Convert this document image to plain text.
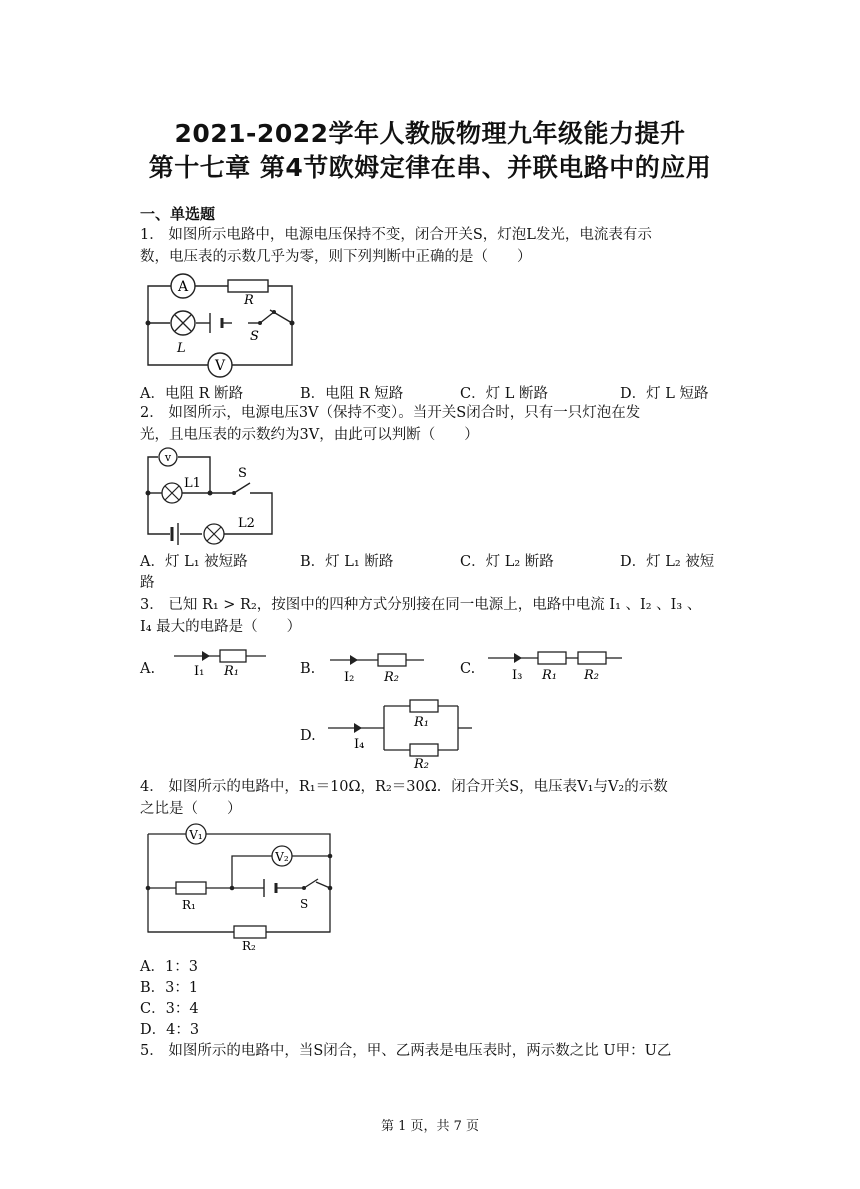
2021-2022学年人教版物理九年级能力提升
第十七章 第4节欧姆定律在串、并联电路中的应用
一、单选题
1． 如图所示电路中，电源电压保持不变，闭合开关S，灯泡L发光，电流表有示
数，电压表的示数几乎为零，则下列判断中正确的是（　　）
A
R
L
S
V
A．电阻 R 断路	B．电阻 R 短路	C．灯 L 断路	D．灯 L 短路
2． 如图所示，电源电压3V（保持不变）。当开关S闭合时，只有一只灯泡在发
光，且电压表的示数约为3V，由此可以判断（　　）
v
L1
S
L2
A．灯 L₁ 被短路	B．灯 L₁ 断路	C．灯 L₂ 断路	D．灯 L₂ 被短
路
3． 已知 R₁ > R₂，按图中的四种方式分别接在同一电源上，电路中电流 I₁ 、I₂ 、I₃ 、
I₄ 最大的电路是（　　）
A.	I₁ R₁	B.
I₂ R₂
C.	I₃ R₁ R₂
D.
R₁
R₂
I₄
4． 如图所示的电路中，R₁＝10Ω，R₂＝30Ω．闭合开关S，电压表V₁与V₂的示数
之比是（　　）
V₁
V₂
R₁	S
R₂
A．1：3
B．3：1
C．3：4
D．4：3
5． 如图所示的电路中，当S闭合，甲、乙两表是电压表时，两示数之比 U甲：U乙
第 1 页，共 7 页
